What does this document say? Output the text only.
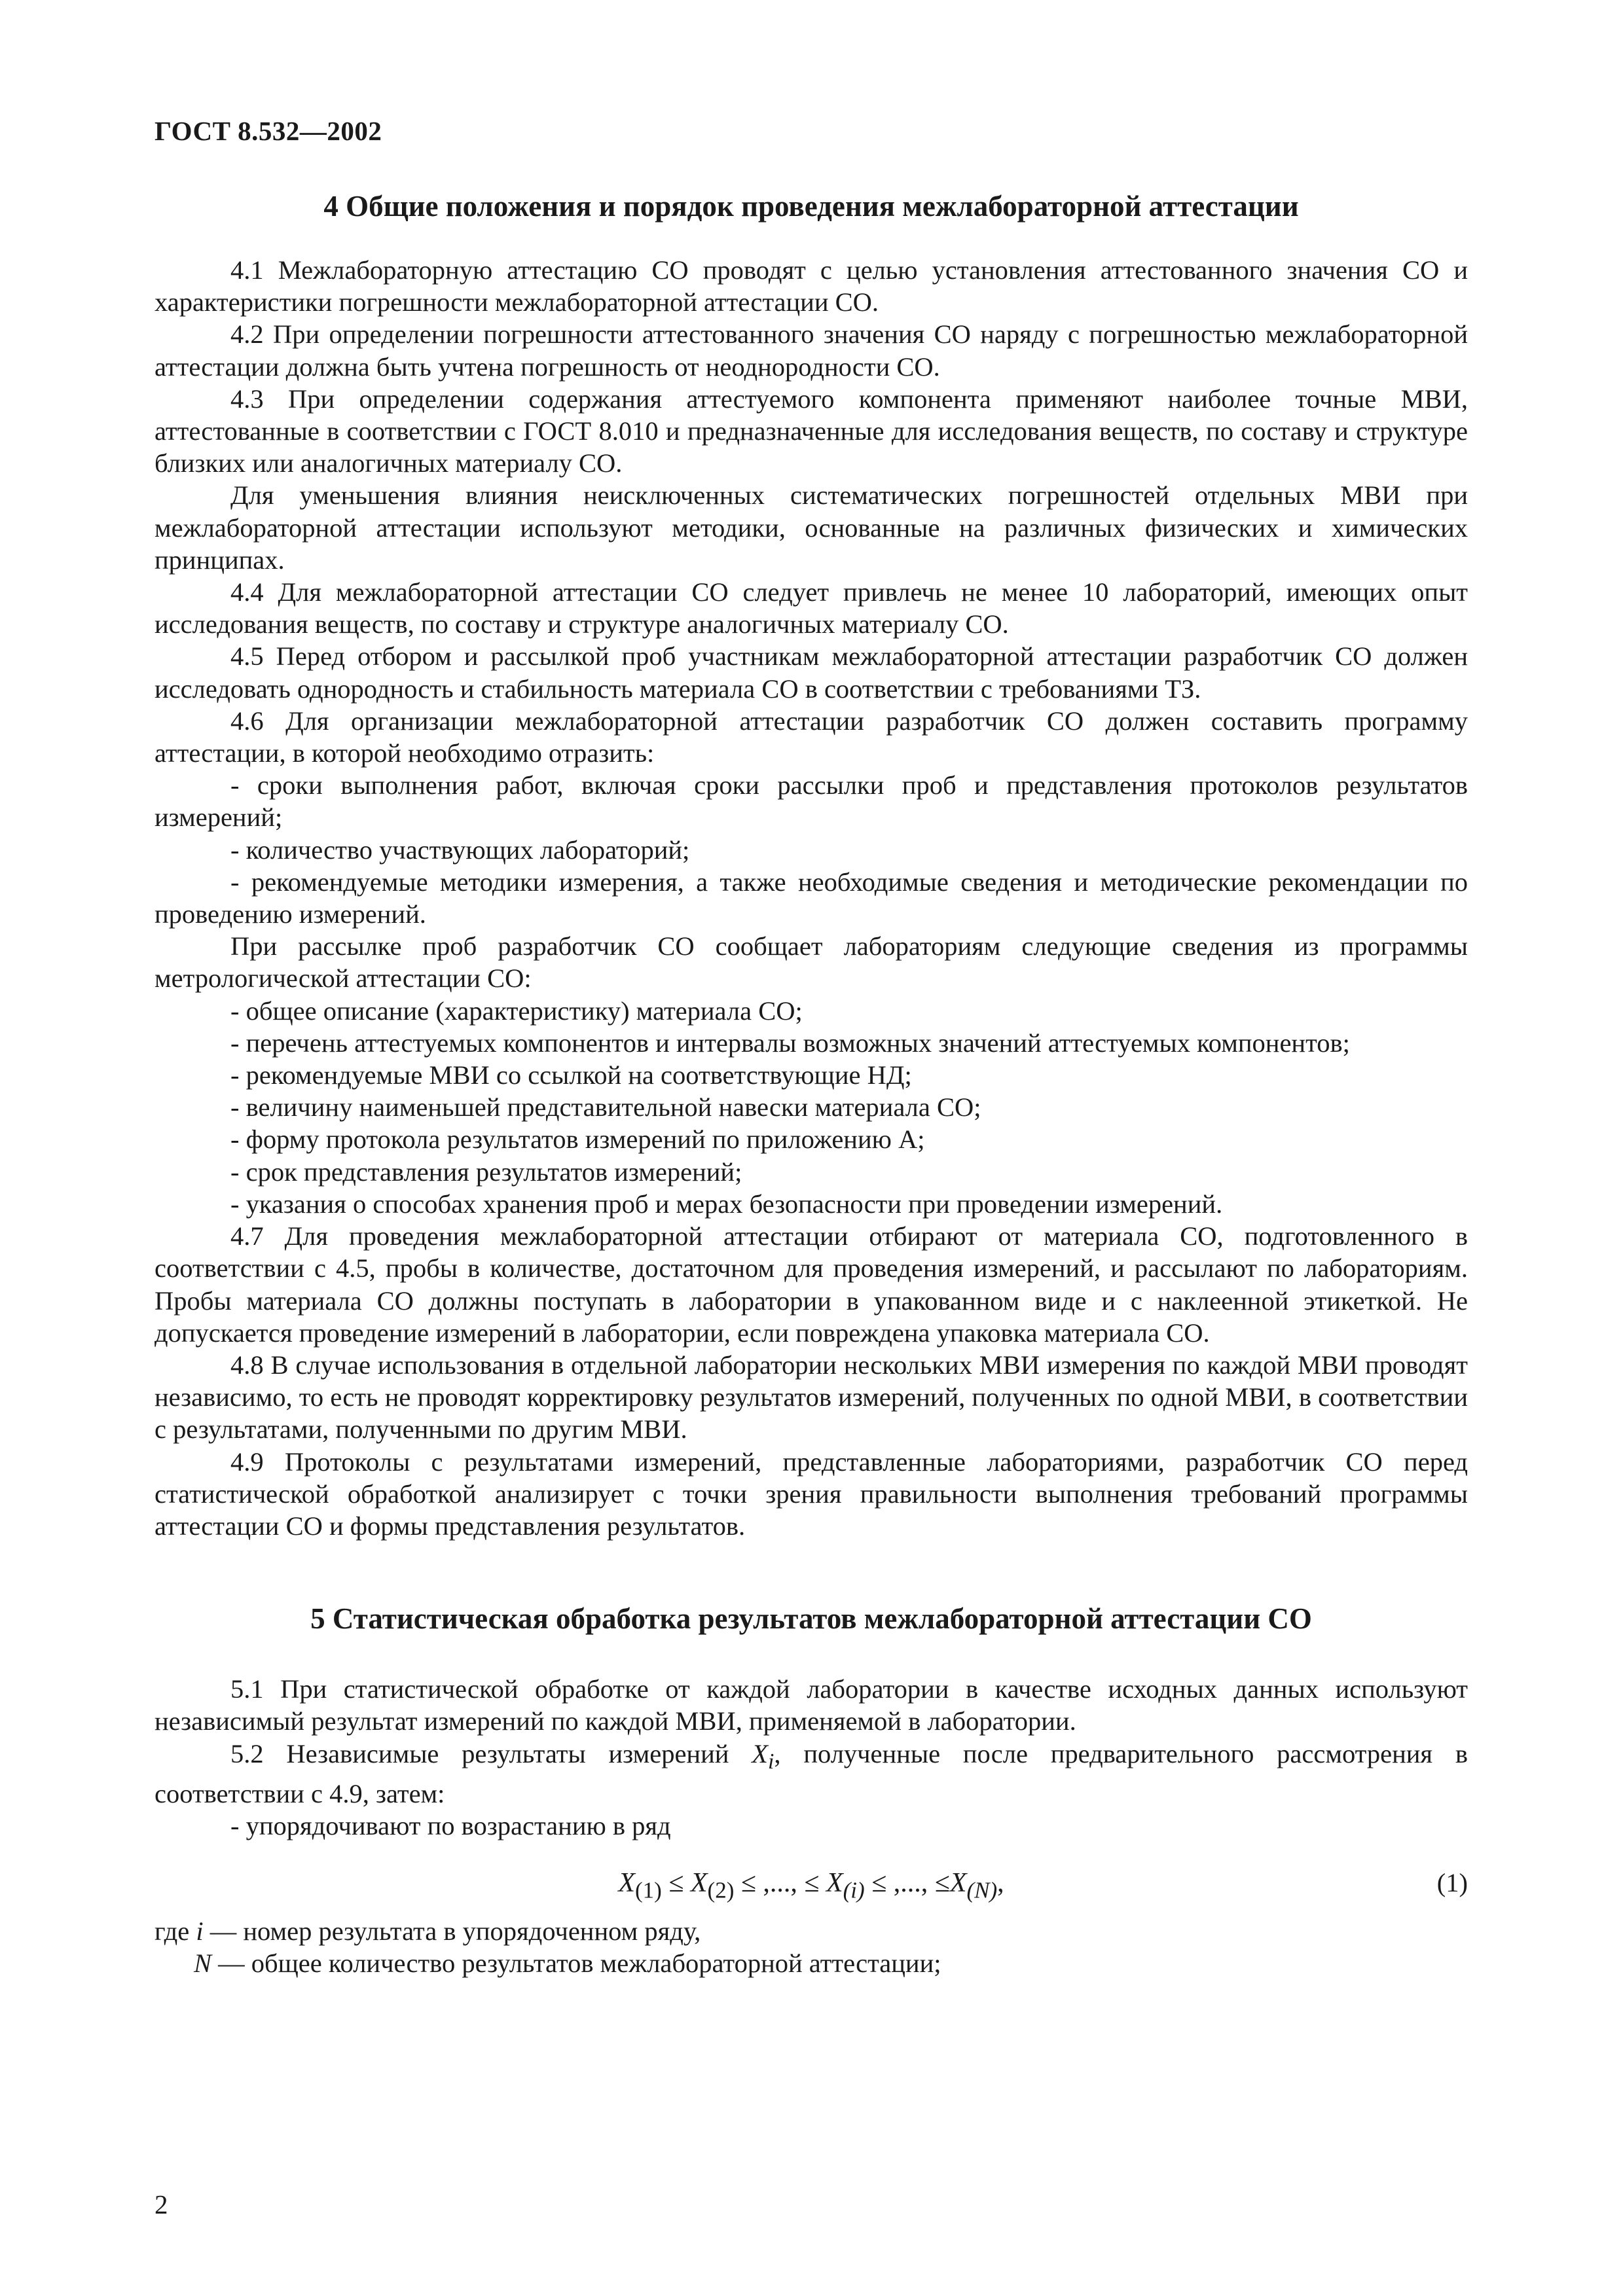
ГОСТ 8.532—2002
4 Общие положения и порядок проведения межлабораторной аттестации

4.1 Межлабораторную аттестацию СО проводят с целью установления аттестованного значения СО и характеристики погрешности межлабораторной аттестации СО.

4.2 При определении погрешности аттестованного значения СО наряду с погрешностью межлабораторной аттестации должна быть учтена погрешность от неоднородности СО.

4.3 При определении содержания аттестуемого компонента применяют наиболее точные МВИ, аттестованные в соответствии с ГОСТ 8.010 и предназначенные для исследования веществ, по составу и структуре близких или аналогичных материалу СО.

Для уменьшения влияния неисключенных систематических погрешностей отдельных МВИ при межлабораторной аттестации используют методики, основанные на различных физических и химических принципах.

4.4 Для межлабораторной аттестации СО следует привлечь не менее 10 лабораторий, имеющих опыт исследования веществ, по составу и структуре аналогичных материалу СО.

4.5 Перед отбором и рассылкой проб участникам межлабораторной аттестации разработчик СО должен исследовать однородность и стабильность материала СО в соответствии с требованиями ТЗ.

4.6 Для организации межлабораторной аттестации разработчик СО должен составить программу аттестации, в которой необходимо отразить:

- сроки выполнения работ, включая сроки рассылки проб и представления протоколов результатов измерений;

- количество участвующих лабораторий;

- рекомендуемые методики измерения, а также необходимые сведения и методические рекомендации по проведению измерений.

При рассылке проб разработчик СО сообщает лабораториям следующие сведения из программы метрологической аттестации СО:

- общее описание (характеристику) материала СО;

- перечень аттестуемых компонентов и интервалы возможных значений аттестуемых компонентов;

- рекомендуемые МВИ со ссылкой на соответствующие НД;

- величину наименьшей представительной навески материала СО;

- форму протокола результатов измерений по приложению А;

- срок представления результатов измерений;

- указания о способах хранения проб и мерах безопасности при проведении измерений.

4.7 Для проведения межлабораторной аттестации отбирают от материала СО, подготовленного в соответствии с 4.5, пробы в количестве, достаточном для проведения измерений, и рассылают по лабораториям. Пробы материала СО должны поступать в лаборатории в упакованном виде и с наклеенной этикеткой. Не допускается проведение измерений в лаборатории, если повреждена упаковка материала СО.

4.8 В случае использования в отдельной лаборатории нескольких МВИ измерения по каждой МВИ проводят независимо, то есть не проводят корректировку результатов измерений, полученных по одной МВИ, в соответствии с результатами, полученными по другим МВИ.

4.9 Протоколы с результатами измерений, представленные лабораториями, разработчик СО перед статистической обработкой анализирует с точки зрения правильности выполнения требований программы аттестации СО и формы представления результатов.

5 Статистическая обработка результатов межлабораторной аттестации СО

5.1 При статистической обработке от каждой лаборатории в качестве исходных данных используют независимый результат измерений по каждой МВИ, применяемой в лаборатории.

5.2 Независимые результаты измерений $X_i$, полученные после предварительного рассмотрения в соответствии с 4.9, затем:

- упорядочивают по возрастанию в ряд

$X_{(1)} \le X_{(2)}$ ≤ ,..., ≤ $X_{(i)}$ ≤ ,..., $\le X_{(N)}$,	(1)

где i — номер результата в упорядоченном ряду,

N — общее количество результатов межлабораторной аттестации;

2
